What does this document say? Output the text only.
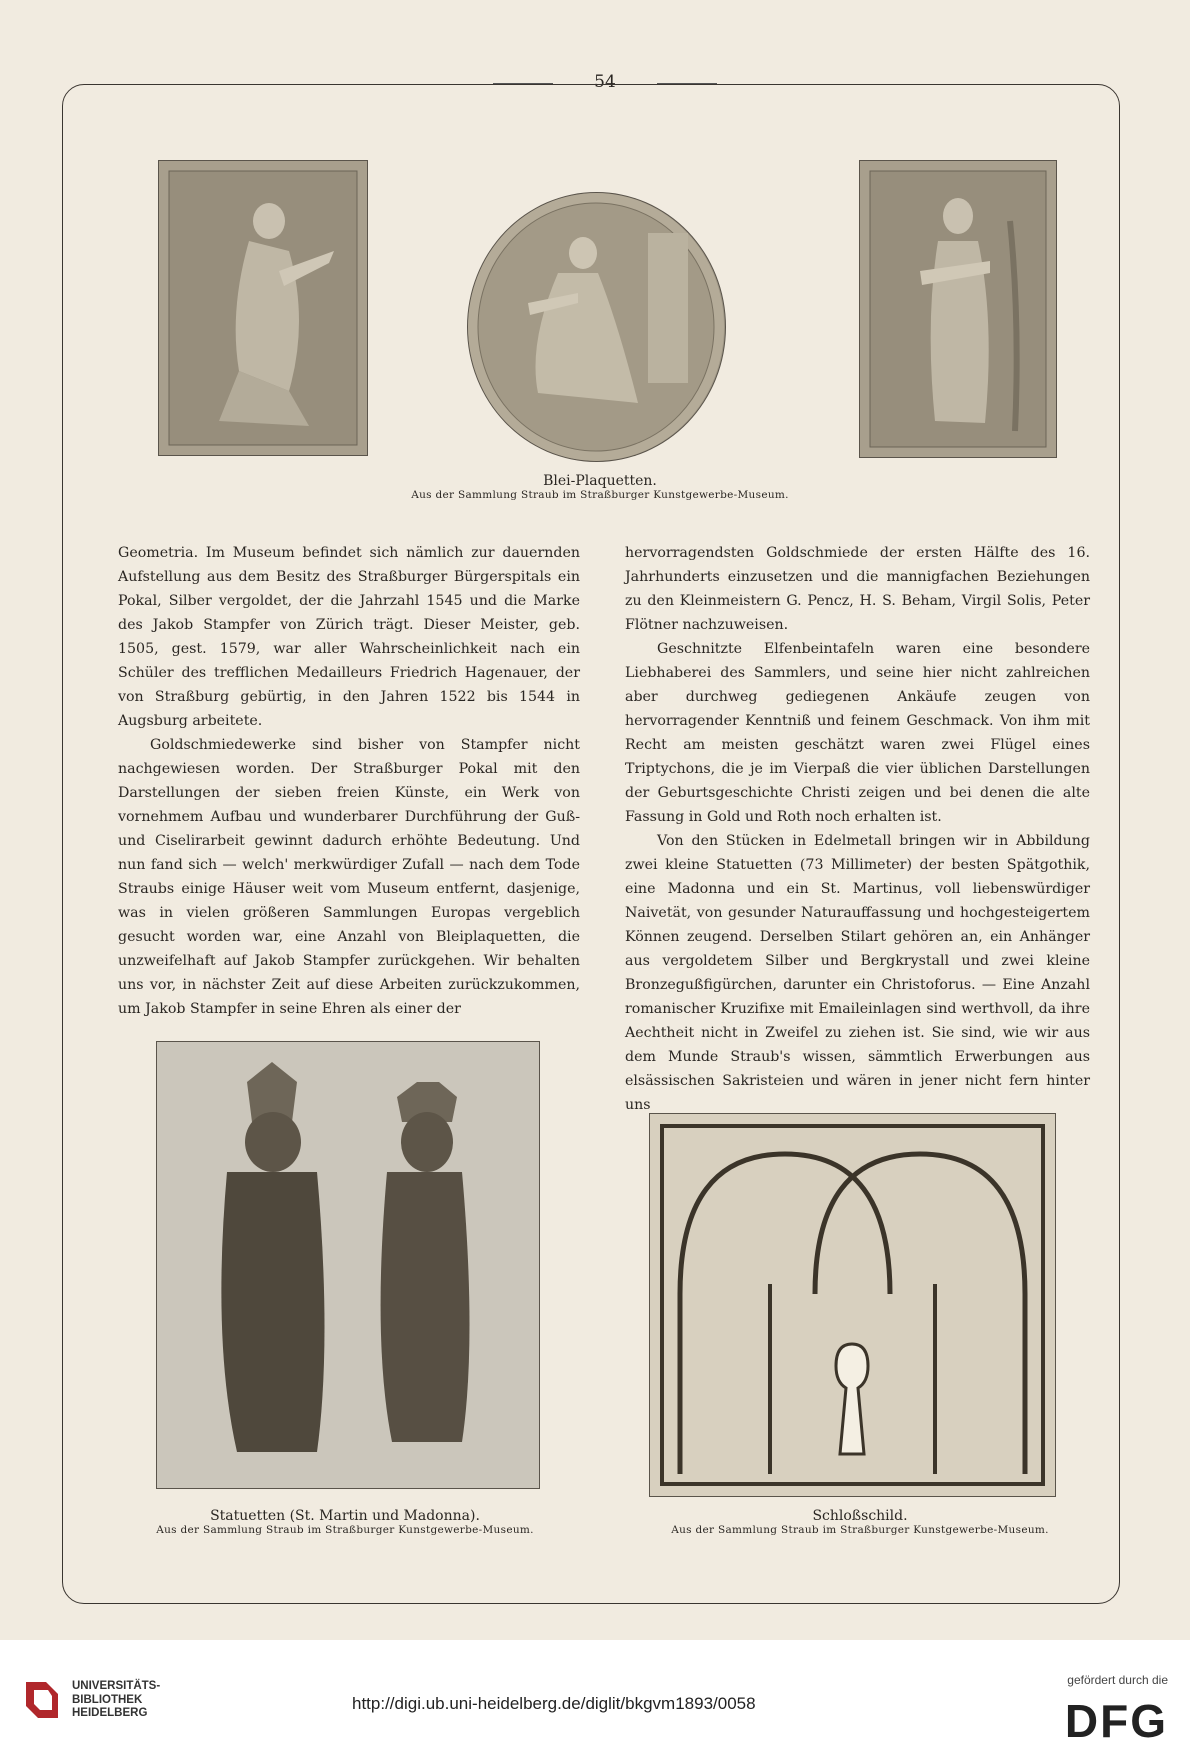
54
Blei-Plaquetten.
Aus der Sammlung Straub im Straßburger Kunstgewerbe-Museum.

Geometria. Im Museum befindet sich nämlich zur dauernden Aufstellung aus dem Besitz des Straßburger Bürgerspitals ein Pokal, Silber vergoldet, der die Jahrzahl 1545 und die Marke des Jakob Stampfer von Zürich trägt. Dieser Meister, geb. 1505, gest. 1579, war aller Wahrscheinlichkeit nach ein Schüler des trefflichen Medailleurs Friedrich Hagenauer, der von Straßburg gebürtig, in den Jahren 1522 bis 1544 in Augsburg arbeitete.

Goldschmiedewerke sind bisher von Stampfer nicht nachgewiesen worden. Der Straßburger Pokal mit den Darstellungen der sieben freien Künste, ein Werk von vornehmem Aufbau und wunderbarer Durchführung der Guß- und Ciselirarbeit gewinnt dadurch erhöhte Bedeutung. Und nun fand sich — welch' merkwürdiger Zufall — nach dem Tode Straubs einige Häuser weit vom Museum entfernt, dasjenige, was in vielen größeren Sammlungen Europas vergeblich gesucht worden war, eine Anzahl von Bleiplaquetten, die unzweifelhaft auf Jakob Stampfer zurückgehen. Wir behalten uns vor, in nächster Zeit auf diese Arbeiten zurückzukommen, um Jakob Stampfer in seine Ehren als einer der

hervorragendsten Goldschmiede der ersten Hälfte des 16. Jahrhunderts einzusetzen und die mannigfachen Beziehungen zu den Kleinmeistern G. Pencz, H. S. Beham, Virgil Solis, Peter Flötner nachzuweisen.

Geschnitzte Elfenbeintafeln waren eine besondere Liebhaberei des Sammlers, und seine hier nicht zahlreichen aber durchweg gediegenen Ankäufe zeugen von hervorragender Kenntniß und feinem Geschmack. Von ihm mit Recht am meisten geschätzt waren zwei Flügel eines Triptychons, die je im Vierpaß die vier üblichen Darstellungen der Geburtsgeschichte Christi zeigen und bei denen die alte Fassung in Gold und Roth noch erhalten ist.

Von den Stücken in Edelmetall bringen wir in Abbildung zwei kleine Statuetten (73 Millimeter) der besten Spätgothik, eine Madonna und ein St. Martinus, voll liebenswürdiger Naivetät, von gesunder Naturauffassung und hochgesteigertem Können zeugend. Derselben Stilart gehören an, ein Anhänger aus vergoldetem Silber und Bergkrystall und zwei kleine Bronzegußfigürchen, darunter ein Christoforus. — Eine Anzahl romanischer Kruzifixe mit Emaileinlagen sind werthvoll, da ihre Aechtheit nicht in Zweifel zu ziehen ist. Sie sind, wie wir aus dem Munde Straub's wissen, sämmtlich Erwerbungen aus elsässischen Sakristeien und wären in jener nicht fern hinter uns

Statuetten (St. Martin und Madonna).
Aus der Sammlung Straub im Straßburger Kunstgewerbe-Museum.
Schloßschild.
Aus der Sammlung Straub im Straßburger Kunstgewerbe-Museum.
UNIVERSITÄTS-
BIBLIOTHEK
HEIDELBERG	http://digi.ub.uni-heidelberg.de/diglit/bkgvm1893/0058
gefördert durch die
DFG
